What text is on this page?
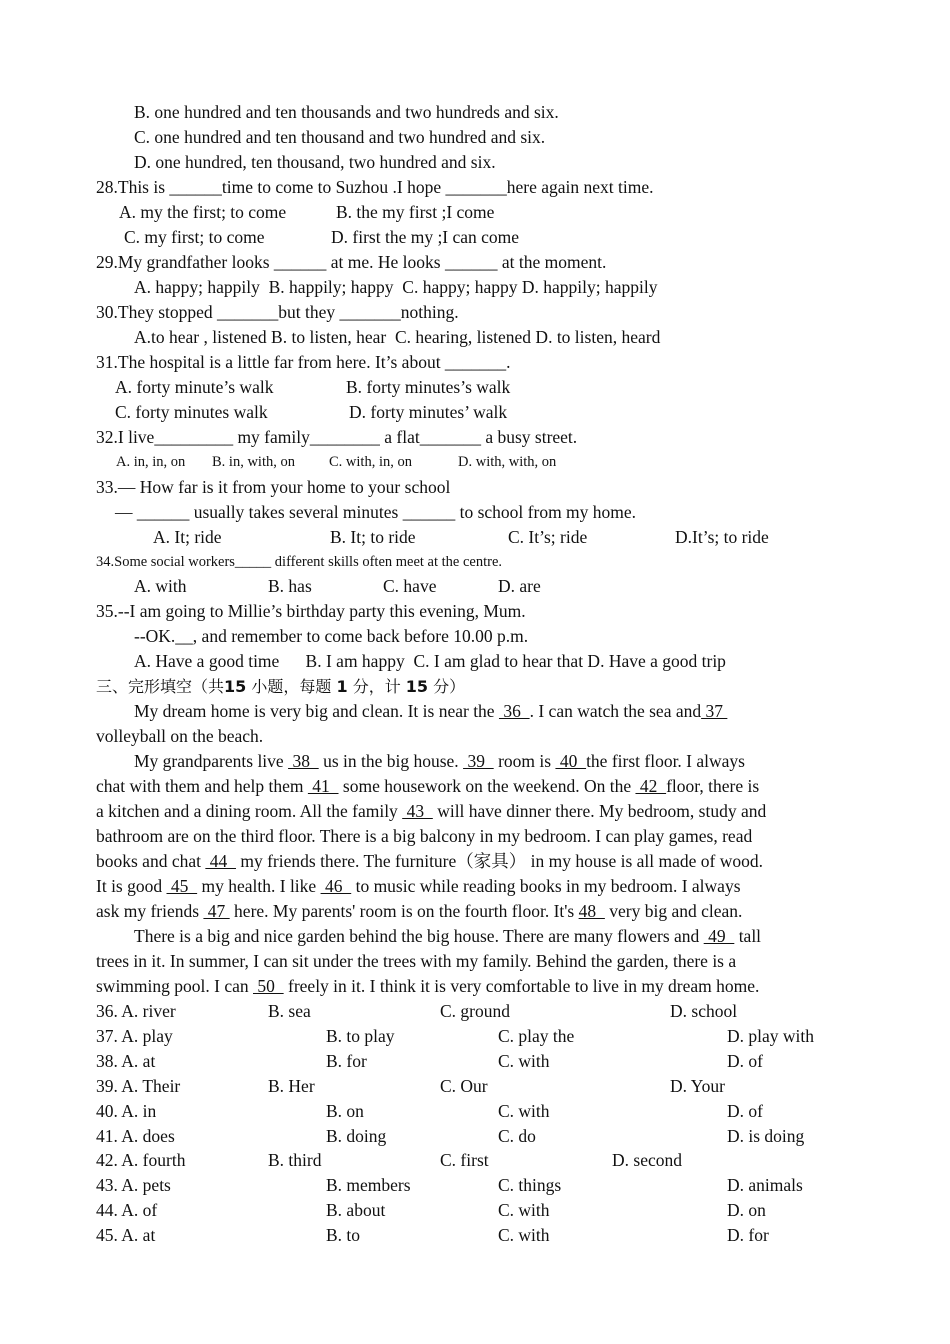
B. one hundred and ten thousands and two hundreds and six.
C. one hundred and ten thousand and two hundred and six.
D. one hundred, ten thousand, two hundred and six.
28.This is ______time to come to Suzhou .I hope _______here again next time.
A. my the first; to come	B. the my first ;I come
C. my first; to come	D. first the my ;I can come
29.My grandfather looks ______ at me. He looks ______ at the moment.
A. happy; happily  B. happily; happy  C. happy; happy D. happily; happily
30.They stopped _______but they _______nothing.
A.to hear , listened B. to listen, hear  C. hearing, listened D. to listen, heard
31.The hospital is a little far from here. It’s about _______.
A. forty minute’s walk	B. forty minutes’s walk
C. forty minutes walk	D. forty minutes’ walk
32.I live_________ my family________ a flat_______ a busy street.
A. in, in, on B. in, with, on C. with, in, on	D. with, with, on
33.— How far is it from your home to your school
— ______ usually takes several minutes ______ to school from my home.
A. It; ride	B. It; to ride	C. It’s; ride	D.It’s; to ride
34.Some social workers_____ different skills often meet at the centre.
A. with	B. has	C. have	D. are
35.--I am going to Millie’s birthday party this evening, Mum.
--OK.__, and remember to come back before 10.00 p.m.
A. Have a good time      B. I am happy  C. I am glad to hear that D. Have a good trip
三、完形填空（共15 小题，每题 1 分，计 15 分）
My dream home is very big and clean. It is near the  36  . I can watch the sea and 37
volleyball on the beach.
My grandparents live  38   us in the big house.  39   room is  40  the first floor. I always
chat with them and help them  41   some housework on the weekend. On the  42  floor, there is
a kitchen and a dining room. All the family  43   will have dinner there. My bedroom, study and
bathroom are on the third floor. There is a big balcony in my bedroom. I can play games, read
books and chat  44   my friends there. The furniture（家具） in my house is all made of wood.
It is good  45   my health. I like  46   to music while reading books in my bedroom. I always
ask my friends  47  here. My parents' room is on the fourth floor. It's 48   very big and clean.
There is a big and nice garden behind the big house. There are many flowers and  49   tall
trees in it. In summer, I can sit under the trees with my family. Behind the garden, there is a
swimming pool. I can  50   freely in it. I think it is very comfortable to live in my dream home.
36. A. river	B. sea	C. ground	D. school
37. A. play	B. to play	C. play the	D. play with
38. A. at	B. for	C. with	D. of
39. A. Their	B. Her	C. Our	D. Your
40. A. in	B. on	C. with	D. of
41. A. does	B. doing	C. do	D. is doing
42. A. fourth	B. third	C. first	D. second
43. A. pets	B. members	C. things	D. animals
44. A. of	B. about	C. with	D. on
45. A. at	B. to	C. with	D. for
